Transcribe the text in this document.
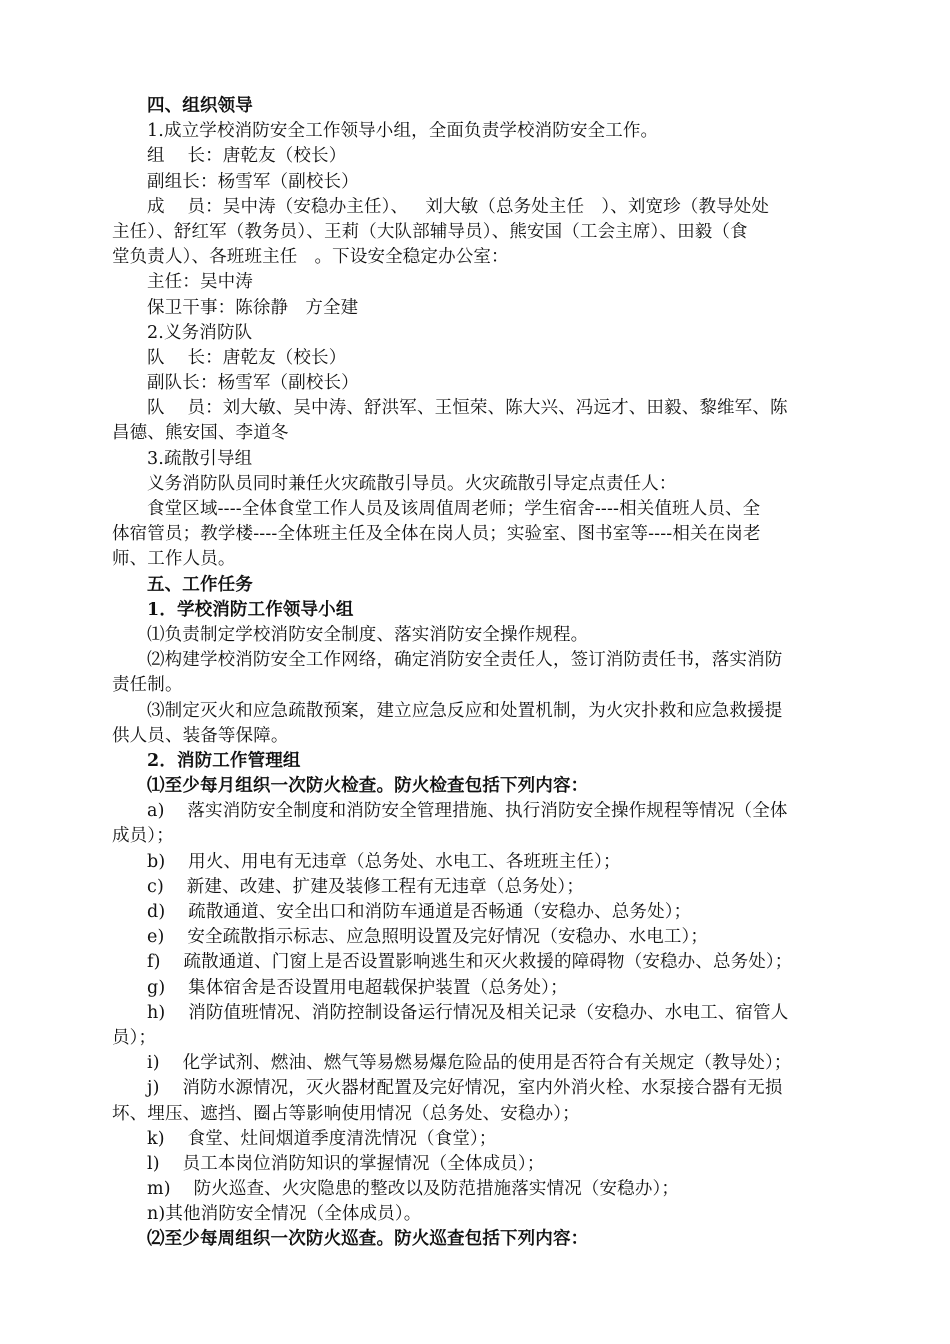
四、组织领导
1.成立学校消防安全工作领导小组，全面负责学校消防安全工作。
组    长：唐乾友（校长）
副组长：杨雪军（副校长）
成    员：吴中涛（安稳办主任）、   刘大敏（总务处主任   ）、刘宽珍（教导处处
主任）、舒红军（教务员）、王莉（大队部辅导员）、熊安国（工会主席）、田毅（食
堂负责人）、各班班主任   。下设安全稳定办公室：
主任：吴中涛
保卫干事：陈徐静   方全建
2.义务消防队
队    长：唐乾友（校长）
副队长：杨雪军（副校长）
队    员：刘大敏、吴中涛、舒洪军、王恒荣、陈大兴、冯远才、田毅、黎维军、陈
昌德、熊安国、李道冬
3.疏散引导组
义务消防队员同时兼任火灾疏散引导员。火灾疏散引导定点责任人：
食堂区域----全体食堂工作人员及该周值周老师；学生宿舍----相关值班人员、全
体宿管员；教学楼----全体班主任及全体在岗人员；实验室、图书室等----相关在岗老
师、工作人员。
五、工作任务
1．学校消防工作领导小组
⑴负责制定学校消防安全制度、落实消防安全操作规程。
⑵构建学校消防安全工作网络，确定消防安全责任人，签订消防责任书，落实消防
责任制。
⑶制定灭火和应急疏散预案，建立应急反应和处置机制，为火灾扑救和应急救援提
供人员、装备等保障。
2．消防工作管理组
⑴至少每月组织一次防火检查。防火检查包括下列内容：
a)    落实消防安全制度和消防安全管理措施、执行消防安全操作规程等情况（全体
成员）；
b)    用火、用电有无违章（总务处、水电工、各班班主任）；
c)    新建、改建、扩建及装修工程有无违章（总务处）；
d)    疏散通道、安全出口和消防车通道是否畅通（安稳办、总务处）；
e)    安全疏散指示标志、应急照明设置及完好情况（安稳办、水电工）；
f)    疏散通道、门窗上是否设置影响逃生和灭火救援的障碍物（安稳办、总务处）；
g)    集体宿舍是否设置用电超载保护装置（总务处）；
h)    消防值班情况、消防控制设备运行情况及相关记录（安稳办、水电工、宿管人
员）；
i)    化学试剂、燃油、燃气等易燃易爆危险品的使用是否符合有关规定（教导处）；
j)    消防水源情况，灭火器材配置及完好情况，室内外消火栓、水泵接合器有无损
坏、埋压、遮挡、圈占等影响使用情况（总务处、安稳办）；
k)    食堂、灶间烟道季度清洗情况（食堂）；
l)    员工本岗位消防知识的掌握情况（全体成员）；
m)    防火巡查、火灾隐患的整改以及防范措施落实情况（安稳办）；
n)其他消防安全情况（全体成员）。
⑵至少每周组织一次防火巡查。防火巡查包括下列内容：
